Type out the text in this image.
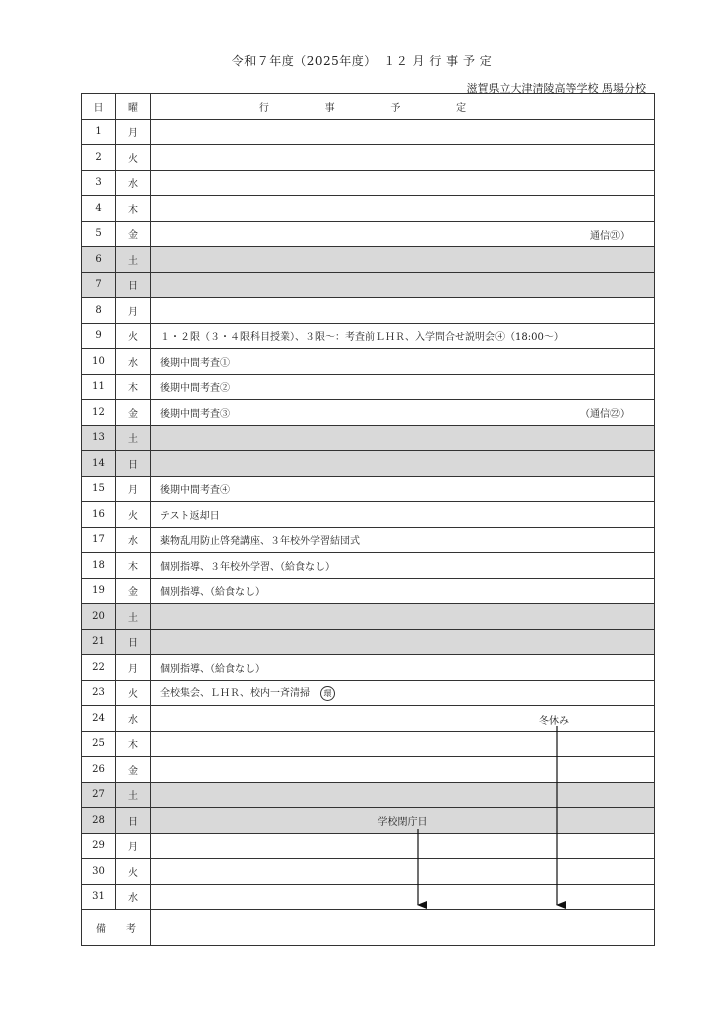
令和７年度（2025年度）　１２ 月 行 事 予 定
滋賀県立大津清陵高等学校 馬場分校
日	曜	行 事 予 定

1	月	
2	火	
3	水	
4	木	
5	金	通信㉑）

6	土	
7	日	
8	月	
9	火	１・２限（３・４限科目授業）、３限～：考査前ＬＨＲ、入学問合せ説明会④（18:00～）
10	水	後期中間考査①
11	木	後期中間考査②
12	金	後期中間考査③ （通信㉒）

13	土	
14	日	
15	月	後期中間考査④
16	火	テスト返却日
17	水	薬物乱用防止啓発講座、３年校外学習結団式
18	木	個別指導、３年校外学習、（給食なし）
19	金	個別指導、（給食なし）
20	土	
21	日	
22	月	個別指導、（給食なし）
23	火	全校集会、ＬＨＲ、校内一斉清掃 環
24	水	
25	木	
26	金	
27	土	
28	日	学校閉庁日

29	月	
30	火	
31	水	

備 考		

冬休み
